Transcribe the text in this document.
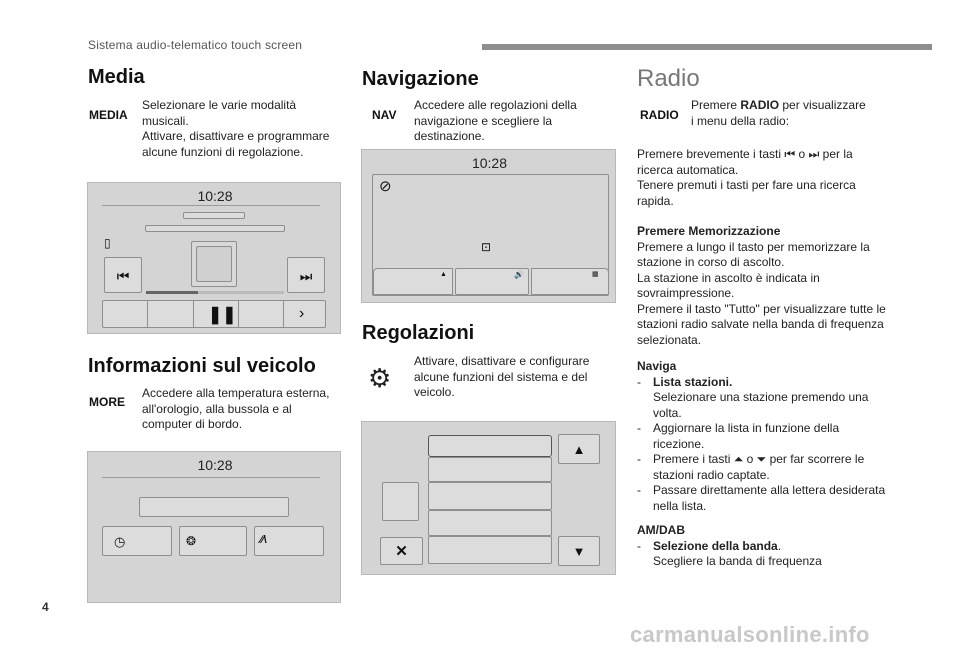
Sistema audio-telematico touch screen
Media
MEDIA
Selezionare le varie modalità
musicali.
Attivare, disattivare e programmare
alcune funzioni di regolazione.
10:28
▯
⏮	⏭
❚❚	›
Informazioni sul veicolo
MORE
Accedere alla temperatura esterna,
all'orologio, alla bussola e al
computer di bordo.
10:28
◷	❂	⁄⁄\
Navigazione
NAV
Accedere alle regolazioni della
navigazione e scegliere la
destinazione.
10:28
⊘
⊡
▲	🔊	▦
Regolazioni
⚙
Attivare, disattivare e configurare
alcune funzioni del sistema e del
veicolo.
✕
▲
▼
Radio
RADIO
Premere RADIO per visualizzare
i menu della radio:
Premere brevemente i tasti ⏮ o ⏭ per la
ricerca automatica.
Tenere premuti i tasti per fare una ricerca
rapida.
Premere Memorizzazione
Premere a lungo il tasto per memorizzare la
stazione in corso di ascolto.
La stazione in ascolto è indicata in
sovraimpressione.
Premere il tasto "Tutto" per visualizzare tutte le
stazioni radio salvate nella banda di frequenza
selezionata.
Naviga
- Lista stazioni.
Selezionare una stazione premendo una
volta.
- Aggiornare la lista in funzione della
ricezione.
- Premere i tasti ⏶ o ⏷ per far scorrere le
stazioni radio captate.
- Passare direttamente alla lettera desiderata
nella lista.
AM/DAB
- Selezione della banda.
Scegliere la banda di frequenza
4
carmanualsonline.info
